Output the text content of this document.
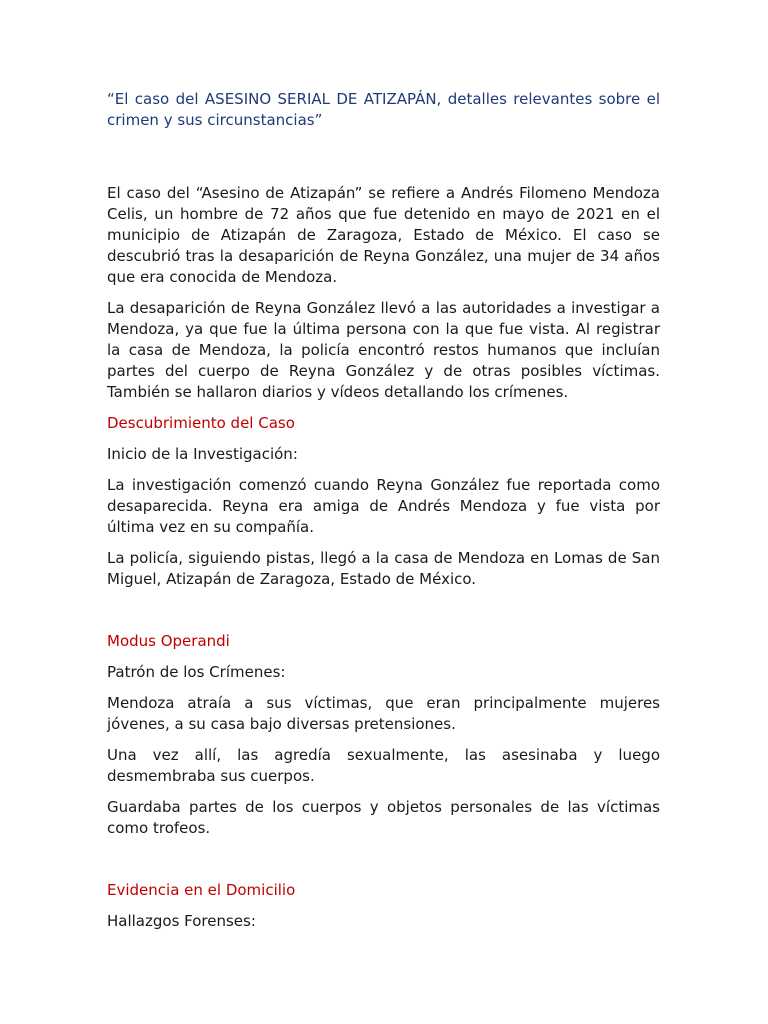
“El caso del ASESINO SERIAL DE ATIZAPÁN, detalles relevantes sobre el crimen y sus circunstancias”

El caso del “Asesino de Atizapán” se refiere a Andrés Filomeno Mendoza Celis, un hombre de 72 años que fue detenido en mayo de 2021 en el municipio de Atizapán de Zaragoza, Estado de México. El caso se descubrió tras la desaparición de Reyna González, una mujer de 34 años que era conocida de Mendoza.

La desaparición de Reyna González llevó a las autoridades a investigar a Mendoza, ya que fue la última persona con la que fue vista. Al registrar la casa de Mendoza, la policía encontró restos humanos que incluían partes del cuerpo de Reyna González y de otras posibles víctimas. También se hallaron diarios y vídeos detallando los crímenes.

Descubrimiento del Caso

Inicio de la Investigación:

La investigación comenzó cuando Reyna González fue reportada como desaparecida. Reyna era amiga de Andrés Mendoza y fue vista por última vez en su compañía.

La policía, siguiendo pistas, llegó a la casa de Mendoza en Lomas de San Miguel, Atizapán de Zaragoza, Estado de México.

Modus Operandi

Patrón de los Crímenes:

Mendoza atraía a sus víctimas, que eran principalmente mujeres jóvenes, a su casa bajo diversas pretensiones.

Una vez allí, las agredía sexualmente, las asesinaba y luego desmembraba sus cuerpos.

Guardaba partes de los cuerpos y objetos personales de las víctimas como trofeos.

Evidencia en el Domicilio

Hallazgos Forenses:
